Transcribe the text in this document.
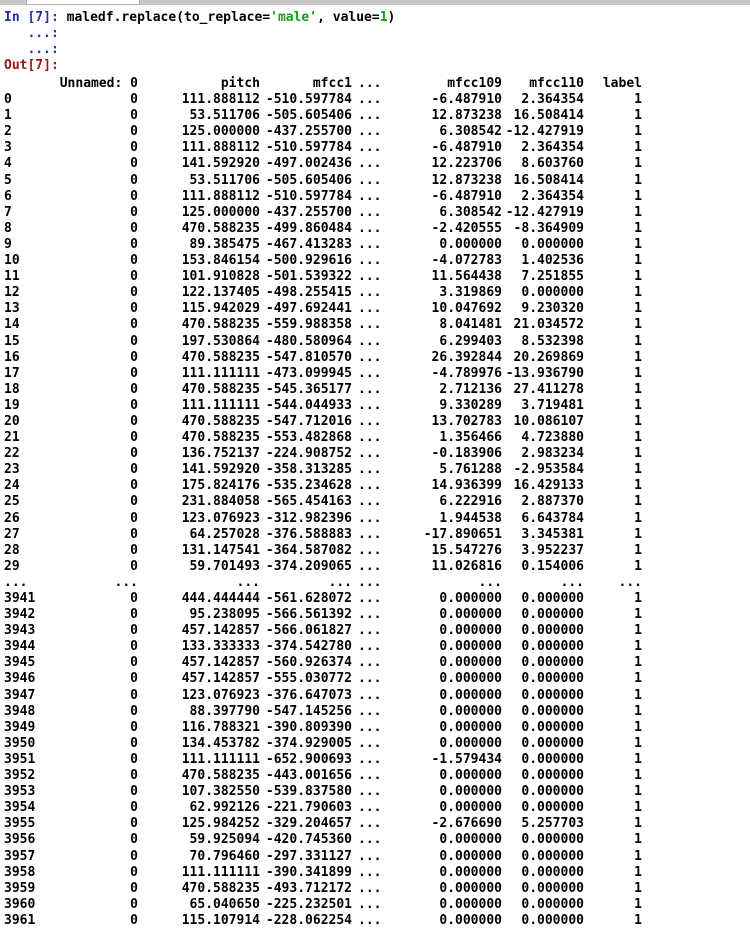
In [7]: maledf.replace(to_replace='male', value=1)
...:
...:
Out[7]:
Unnamed: 0	pitch	mfcc1 ...	mfcc109 mfcc110 label
0	0	111.888112 -510.597784 ...	-6.487910 2.364354	1
1	0	53.511706 -505.605406 ...	12.873238 16.508414	1
2	0	125.000000 -437.255700 ...	6.308542 -12.427919	1
3	0	111.888112 -510.597784 ...	-6.487910 2.364354	1
4	0	141.592920 -497.002436 ...	12.223706 8.603760	1
5	0	53.511706 -505.605406 ...	12.873238 16.508414	1
6	0	111.888112 -510.597784 ...	-6.487910 2.364354	1
7	0	125.000000 -437.255700 ...	6.308542 -12.427919	1
8	0	470.588235 -499.860484 ...	-2.420555 -8.364909	1
9	0	89.385475 -467.413283 ...	0.000000 0.000000	1
10	0	153.846154 -500.929616 ...	-4.072783 1.402536	1
11	0	101.910828 -501.539322 ...	11.564438 7.251855	1
12	0	122.137405 -498.255415 ...	3.319869 0.000000	1
13	0	115.942029 -497.692441 ...	10.047692 9.230320	1
14	0	470.588235 -559.988358 ...	8.041481 21.034572	1
15	0	197.530864 -480.580964 ...	6.299403 8.532398	1
16	0	470.588235 -547.810570 ...	26.392844 20.269869	1
17	0	111.111111 -473.099945 ...	-4.789976 -13.936790	1
18	0	470.588235 -545.365177 ...	2.712136 27.411278	1
19	0	111.111111 -544.044933 ...	9.330289 3.719481	1
20	0	470.588235 -547.712016 ...	13.702783 10.086107	1
21	0	470.588235 -553.482868 ...	1.356466 4.723880	1
22	0	136.752137 -224.908752 ...	-0.183906 2.983234	1
23	0	141.592920 -358.313285 ...	5.761288 -2.953584	1
24	0	175.824176 -535.234628 ...	14.936399 16.429133	1
25	0	231.884058 -565.454163 ...	6.222916 2.887370	1
26	0	123.076923 -312.982396 ...	1.944538 6.643784	1
27	0	64.257028 -376.588883 ...	-17.890651 3.345381	1
28	0	131.147541 -364.587082 ...	15.547276 3.952237	1
29	0	59.701493 -374.209065 ...	11.026816 0.154006	1
...	...	...	... ...	...	...	...
3941	0	444.444444 -561.628072 ...	0.000000 0.000000	1
3942	0	95.238095 -566.561392 ...	0.000000 0.000000	1
3943	0	457.142857 -566.061827 ...	0.000000 0.000000	1
3944	0	133.333333 -374.542780 ...	0.000000 0.000000	1
3945	0	457.142857 -560.926374 ...	0.000000 0.000000	1
3946	0	457.142857 -555.030772 ...	0.000000 0.000000	1
3947	0	123.076923 -376.647073 ...	0.000000 0.000000	1
3948	0	88.397790 -547.145256 ...	0.000000 0.000000	1
3949	0	116.788321 -390.809390 ...	0.000000 0.000000	1
3950	0	134.453782 -374.929005 ...	0.000000 0.000000	1
3951	0	111.111111 -652.900693 ...	-1.579434 0.000000	1
3952	0	470.588235 -443.001656 ...	0.000000 0.000000	1
3953	0	107.382550 -539.837580 ...	0.000000 0.000000	1
3954	0	62.992126 -221.790603 ...	0.000000 0.000000	1
3955	0	125.984252 -329.204657 ...	-2.676690 5.257703	1
3956	0	59.925094 -420.745360 ...	0.000000 0.000000	1
3957	0	70.796460 -297.331127 ...	0.000000 0.000000	1
3958	0	111.111111 -390.341899 ...	0.000000 0.000000	1
3959	0	470.588235 -493.712172 ...	0.000000 0.000000	1
3960	0	65.040650 -225.232501 ...	0.000000 0.000000	1
3961	0	115.107914 -228.062254 ...	0.000000 0.000000	1
